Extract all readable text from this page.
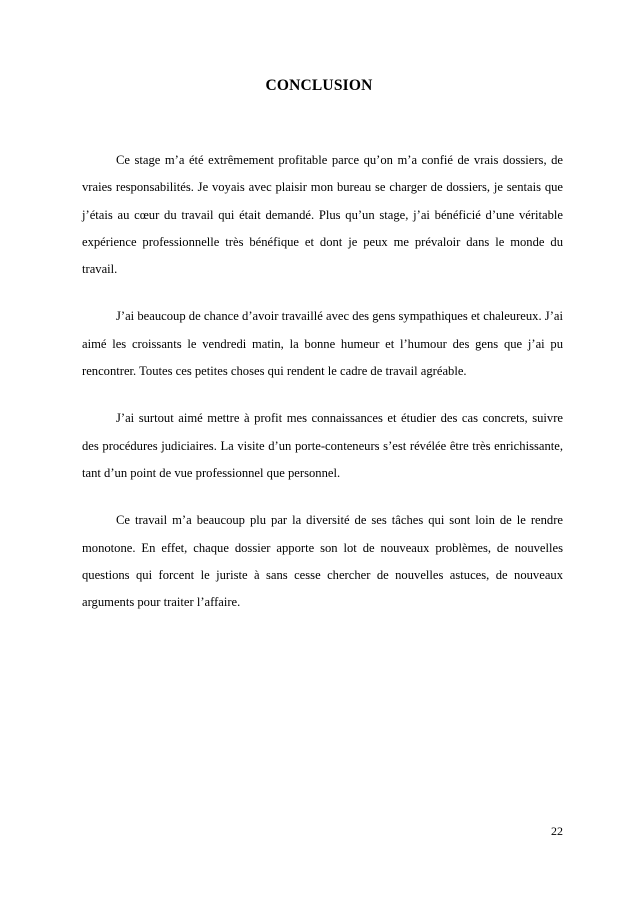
CONCLUSION

Ce stage m’a été extrêmement profitable parce qu’on m’a confié de vrais dossiers, de vraies responsabilités. Je voyais avec plaisir mon bureau se charger de dossiers, je sentais que j’étais au cœur du travail qui était demandé. Plus qu’un stage, j’ai bénéficié d’une véritable expérience professionnelle très bénéfique et dont je peux me prévaloir dans le monde du travail.

J’ai beaucoup de chance d’avoir travaillé avec des gens sympathiques et chaleureux. J’ai aimé les croissants le vendredi matin, la bonne humeur et l’humour des gens que j’ai pu rencontrer. Toutes ces petites choses qui rendent le cadre de travail agréable.

J’ai surtout aimé mettre à profit mes connaissances et étudier des cas concrets, suivre des procédures judiciaires. La visite d’un porte-conteneurs s’est révélée être très enrichissante, tant d’un point de vue professionnel que personnel.

Ce travail m’a beaucoup plu par la diversité de ses tâches qui sont loin de le rendre monotone. En effet, chaque dossier apporte son lot de nouveaux problèmes, de nouvelles questions qui forcent le juriste à sans cesse chercher de nouvelles astuces, de nouveaux arguments pour traiter l’affaire.

22
